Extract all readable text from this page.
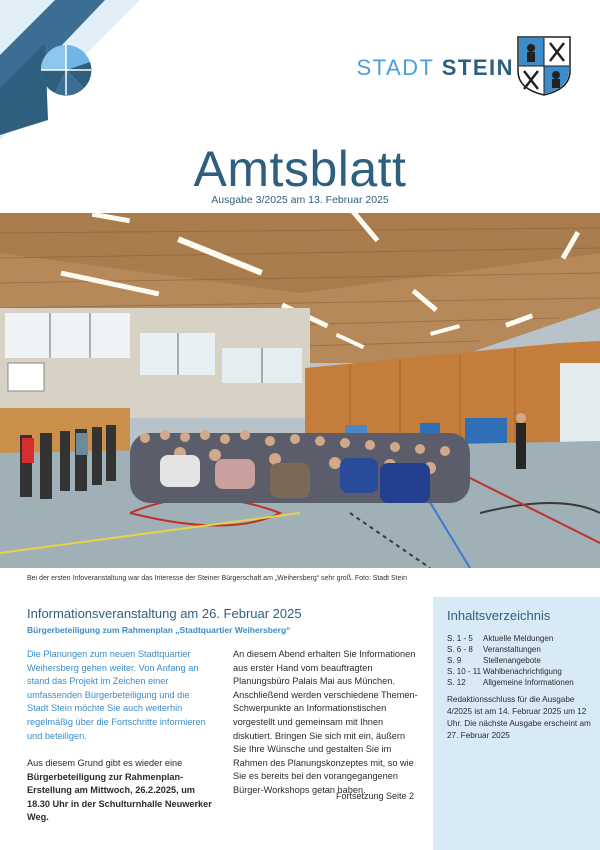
STADT STEIN
Amtsblatt
Ausgabe 3/2025 am 13. Februar 2025
Bei der ersten Infoveranstaltung war das Interesse der Steiner Bürgerschaft am „Weihersberg“ sehr groß. Foto: Stadt Stein
Informationsveranstaltung am 26. Februar 2025
Bürgerbeteiligung zum Rahmenplan „Stadtquartier Weihersberg“
Die Planungen zum neuen Stadtquartier Weihersberg gehen weiter. Von Anfang an stand das Projekt im Zeichen einer umfassenden Bürgerbeteiligung und die Stadt Stein möchte Sie auch weiterhin regelmäßig über die Fortschritte informieren und beteiligen.
Aus diesem Grund gibt es wieder eine Bürgerbeteiligung zur Rahmenplan-Erstellung am Mittwoch, 26.2.2025, um 18.30 Uhr in der Schulturnhalle Neuwerker Weg.
An diesem Abend erhalten Sie Informationen aus erster Hand vom beauftragten Planungsbüro Palais Mai aus München. Anschließend werden verschiedene Themen-Schwerpunkte an Informationstischen vorgestellt und gemeinsam mit Ihnen diskutiert. Bringen Sie sich mit ein, äußern Sie Ihre Wünsche und gestalten Sie im Rahmen des Planungskonzeptes mit, so wie Sie es bereits bei den vorangegangenen Bürger-Workshops getan haben.
Fortsetzung Seite 2
Inhaltsverzeichnis
S. 1 - 5 Aktuelle Meldungen
S. 6 - 8 Veranstaltungen
S. 9	Stellenangebote
S. 10 - 11 Wahlbenachrichtigung
S. 12 Allgemeine Informationen
Redaktionsschluss für die Ausgabe 4/2025 ist am 14. Februar 2025 um 12 Uhr. Die nächste Ausgabe erscheint am 27. Februar 2025
